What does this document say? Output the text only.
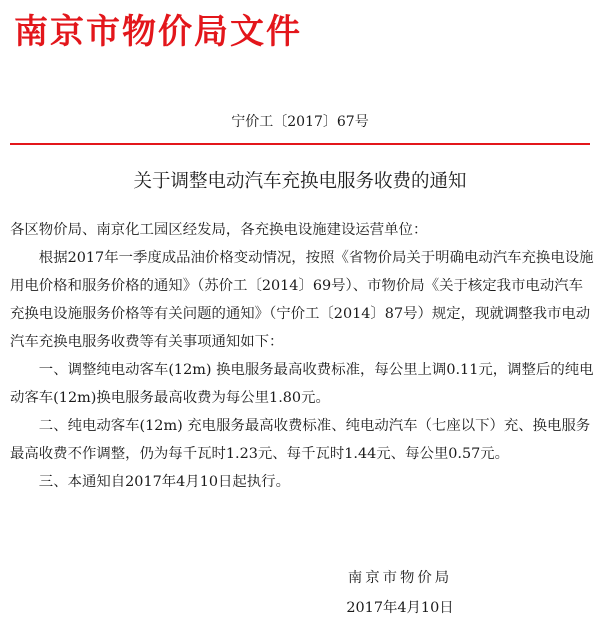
南京市物价局文件
宁价工〔2017〕67号
关于调整电动汽车充换电服务收费的通知

各区物价局、南京化工园区经发局，各充换电设施建设运营单位：

根据2017年一季度成品油价格变动情况，按照《省物价局关于明确电动汽车充换电设施用电价格和服务价格的通知》（苏价工〔2014〕69号）、市物价局《关于核定我市电动汽车充换电设施服务价格等有关问题的通知》（宁价工〔2014〕87号）规定，现就调整我市电动汽车充换电服务收费等有关事项通知如下：

一、调整纯电动客车(12m) 换电服务最高收费标准，每公里上调0.11元，调整后的纯电动客车(12m)换电服务最高收费为每公里1.80元。

二、纯电动客车(12m) 充电服务最高收费标准、纯电动汽车（七座以下）充、换电服务最高收费不作调整，仍为每千瓦时1.23元、每千瓦时1.44元、每公里0.57元。

三、本通知自2017年4月10日起执行。

南京市物价局
2017年4月10日
